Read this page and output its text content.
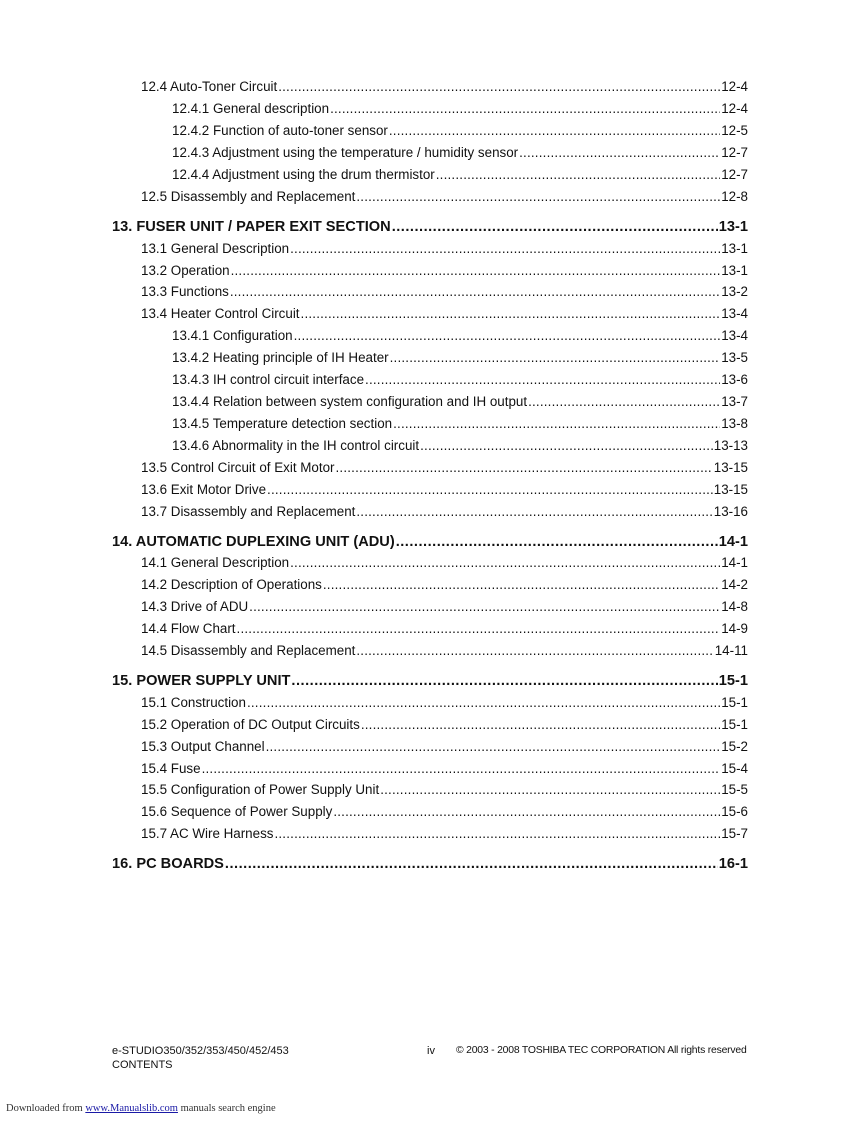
12.4 Auto-Toner Circuit .....	12-4
12.4.1 General description .....	12-4
12.4.2 Function of auto-toner sensor .....	12-5
12.4.3 Adjustment using the temperature / humidity sensor .....	12-7
12.4.4 Adjustment using the drum thermistor .....	12-7
12.5 Disassembly and Replacement .....	12-8
13. FUSER UNIT / PAPER EXIT SECTION .....	13-1
13.1 General Description .....	13-1
13.2 Operation .....	13-1
13.3 Functions .....	13-2
13.4 Heater Control Circuit .....	13-4
13.4.1 Configuration .....	13-4
13.4.2 Heating principle of IH Heater .....	13-5
13.4.3 IH control circuit interface .....	13-6
13.4.4 Relation between system configuration and IH output .....	13-7
13.4.5 Temperature detection section .....	13-8
13.4.6 Abnormality in the IH control circuit .....	13-13
13.5 Control Circuit of Exit Motor .....	13-15
13.6 Exit Motor Drive .....	13-15
13.7 Disassembly and Replacement .....	13-16
14. AUTOMATIC DUPLEXING UNIT (ADU) .....	14-1
14.1 General Description .....	14-1
14.2 Description of Operations .....	14-2
14.3 Drive of ADU .....	14-8
14.4 Flow Chart .....	14-9
14.5 Disassembly and Replacement .....	14-11
15. POWER SUPPLY UNIT .....	15-1
15.1 Construction .....	15-1
15.2 Operation of DC Output Circuits .....	15-1
15.3 Output Channel .....	15-2
15.4 Fuse .....	15-4
15.5 Configuration of Power Supply Unit .....	15-5
15.6 Sequence of Power Supply .....	15-6
15.7 AC Wire Harness .....	15-7
16. PC BOARDS .....	16-1
e-STUDIO350/352/353/450/452/453
CONTENTS
iv © 2003 - 2008 TOSHIBA TEC CORPORATION All rights reserved
Downloaded from www.Manualslib.com manuals search engine
